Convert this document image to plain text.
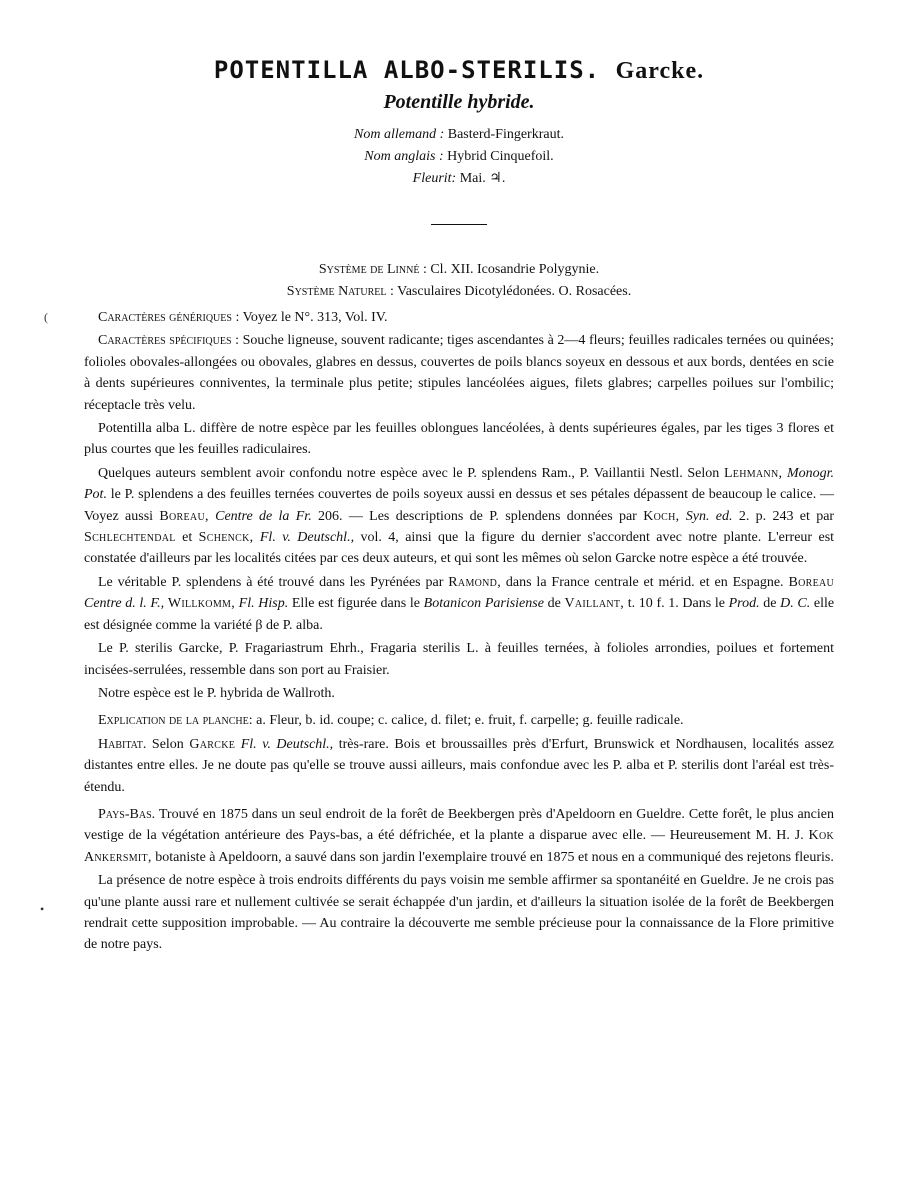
(
•
POTENTILLA ALBO-STERILIS. Garcke.
Potentille hybride.
Nom allemand : Basterd-Fingerkraut.
Nom anglais : Hybrid Cinquefoil.
Fleurit: Mai. ♃.
Système de Linné : Cl. XII. Icosandrie Polygynie.
Système Naturel : Vasculaires Dicotylédonées. O. Rosacées.

Caractères génériques : Voyez le N°. 313, Vol. IV.

Caractères spécifiques : Souche ligneuse, souvent radicante; tiges ascendantes à 2—4 fleurs; feuilles radicales ternées ou quinées; folioles obovales-allongées ou obovales, glabres en dessus, couvertes de poils blancs soyeux en dessous et aux bords, dentées en scie à dents supérieures conniventes, la terminale plus petite; stipules lancéolées aigues, filets glabres; carpelles poilues sur l'ombilic; réceptacle très velu.

Potentilla alba L. diffère de notre espèce par les feuilles oblongues lancéolées, à dents supérieures égales, par les tiges 3 flores et plus courtes que les feuilles radiculaires.

Quelques auteurs semblent avoir confondu notre espèce avec le P. splendens Ram., P. Vaillantii Nestl. Selon Lehmann, Monogr. Pot. le P. splendens a des feuilles ternées couvertes de poils soyeux aussi en dessus et ses pétales dépassent de beaucoup le calice. — Voyez aussi Boreau, Centre de la Fr. 206. — Les descriptions de P. splendens données par Koch, Syn. ed. 2. p. 243 et par Schlechtendal et Schenck, Fl. v. Deutschl., vol. 4, ainsi que la figure du dernier s'accordent avec notre plante. L'erreur est constatée d'ailleurs par les localités citées par ces deux auteurs, et qui sont les mêmes où selon Garcke notre espèce a été trouvée.

Le véritable P. splendens à été trouvé dans les Pyrénées par Ramond, dans la France centrale et mérid. et en Espagne. Boreau Centre d. l. F., Willkomm, Fl. Hisp. Elle est figurée dans le Botanicon Parisiense de Vaillant, t. 10 f. 1. Dans le Prod. de D. C. elle est désignée comme la variété β de P. alba.

Le P. sterilis Garcke, P. Fragariastrum Ehrh., Fragaria sterilis L. à feuilles ternées, à folioles arrondies, poilues et fortement incisées-serrulées, ressemble dans son port au Fraisier.

Notre espèce est le P. hybrida de Wallroth.

Explication de la planche: a. Fleur, b. id. coupe; c. calice, d. filet; e. fruit, f. carpelle; g. feuille radicale.

Habitat. Selon Garcke Fl. v. Deutschl., très-rare. Bois et broussailles près d'Erfurt, Brunswick et Nordhausen, localités assez distantes entre elles. Je ne doute pas qu'elle se trouve aussi ailleurs, mais confondue avec les P. alba et P. sterilis dont l'aréal est très-étendu.

Pays-Bas. Trouvé en 1875 dans un seul endroit de la forêt de Beekbergen près d'Apeldoorn en Gueldre. Cette forêt, le plus ancien vestige de la végétation antérieure des Pays-bas, a été défrichée, et la plante a disparue avec elle. — Heureusement M. H. J. Kok Ankersmit, botaniste à Apeldoorn, a sauvé dans son jardin l'exemplaire trouvé en 1875 et nous en a communiqué des rejetons fleuris.

La présence de notre espèce à trois endroits différents du pays voisin me semble affirmer sa spontanéité en Gueldre. Je ne crois pas qu'une plante aussi rare et nullement cultivée se serait échappée d'un jardin, et d'ailleurs la situation isolée de la forêt de Beekbergen rendrait cette supposition improbable. — Au contraire la découverte me semble précieuse pour la connaissance de la Flore primitive de notre pays.
